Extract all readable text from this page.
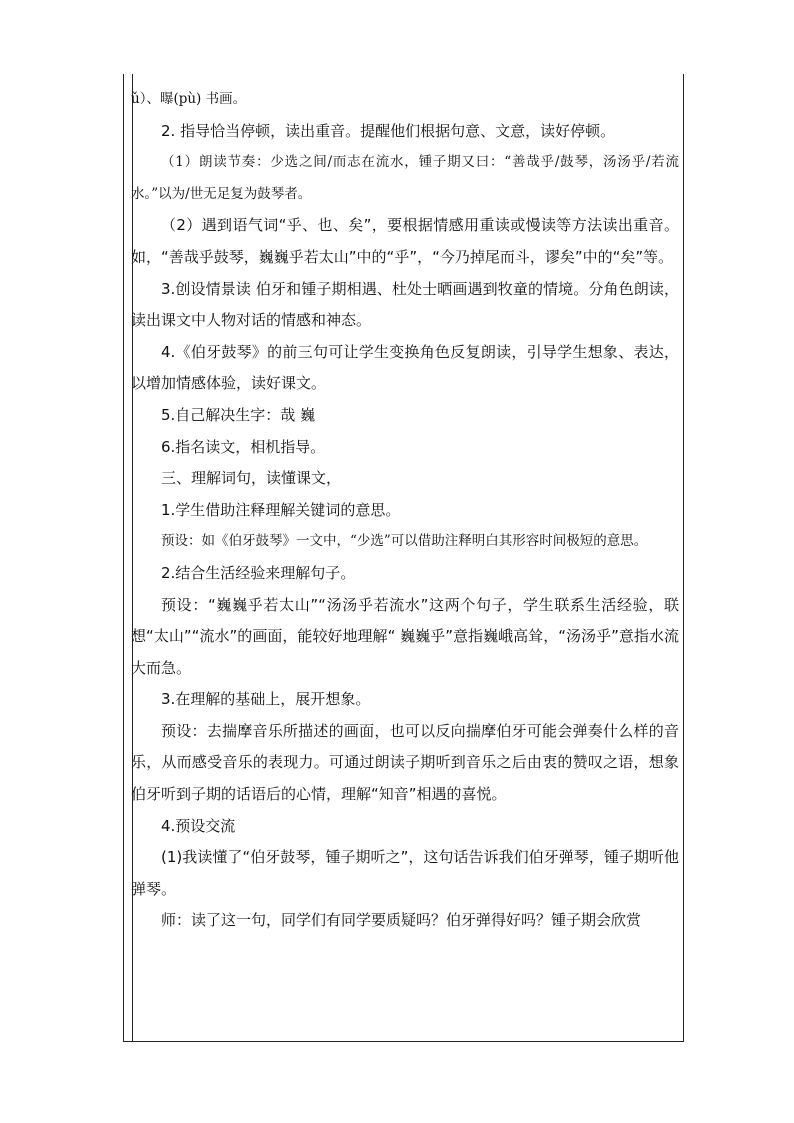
ǔ）、曝(pù) 书画。

2. 指导恰当停顿，读出重音。提醒他们根据句意、文意，读好停顿。

（1）朗读节奏：少选之间/而志在流水，锺子期又曰：“善哉乎/鼓琴，汤汤乎/若流水。”以为/世无足复为鼓琴者。

（2）遇到语气词“乎、也、矣”，要根据情感用重读或慢读等方法读出重音。如，“善哉乎鼓琴，巍巍乎若太山”中的“乎”，“今乃掉尾而斗，谬矣”中的“矣”等。

3.创设情景读 伯牙和锺子期相遇、杜处士晒画遇到牧童的情境。分角色朗读，读出课文中人物对话的情感和神态。

4.《伯牙鼓琴》的前三句可让学生变换角色反复朗读，引导学生想象、表达，以增加情感体验，读好课文。

5.自己解决生字：哉 巍

6.指名读文，相机指导。

三、理解词句，读懂课文，

1.学生借助注释理解关键词的意思。

预设：如《伯牙鼓琴》一文中，“少选”可以借助注释明白其形容时间极短的意思。

2.结合生活经验来理解句子。

预设：“巍巍乎若太山”“汤汤乎若流水”这两个句子，学生联系生活经验，联想“太山”“流水”的画面，能较好地理解“ 巍巍乎”意指巍峨高耸，“汤汤乎”意指水流大而急。

3.在理解的基础上，展开想象。

预设：去揣摩音乐所描述的画面，也可以反向揣摩伯牙可能会弹奏什么样的音乐，从而感受音乐的表现力。可通过朗读子期听到音乐之后由衷的赞叹之语，想象伯牙听到子期的话语后的心情，理解“知音”相遇的喜悦。

4.预设交流

(1)我读懂了“伯牙鼓琴，锺子期听之”，这句话告诉我们伯牙弹琴，锺子期听他弹琴。

师：读了这一句，同学们有同学要质疑吗？伯牙弹得好吗？锺子期会欣赏
